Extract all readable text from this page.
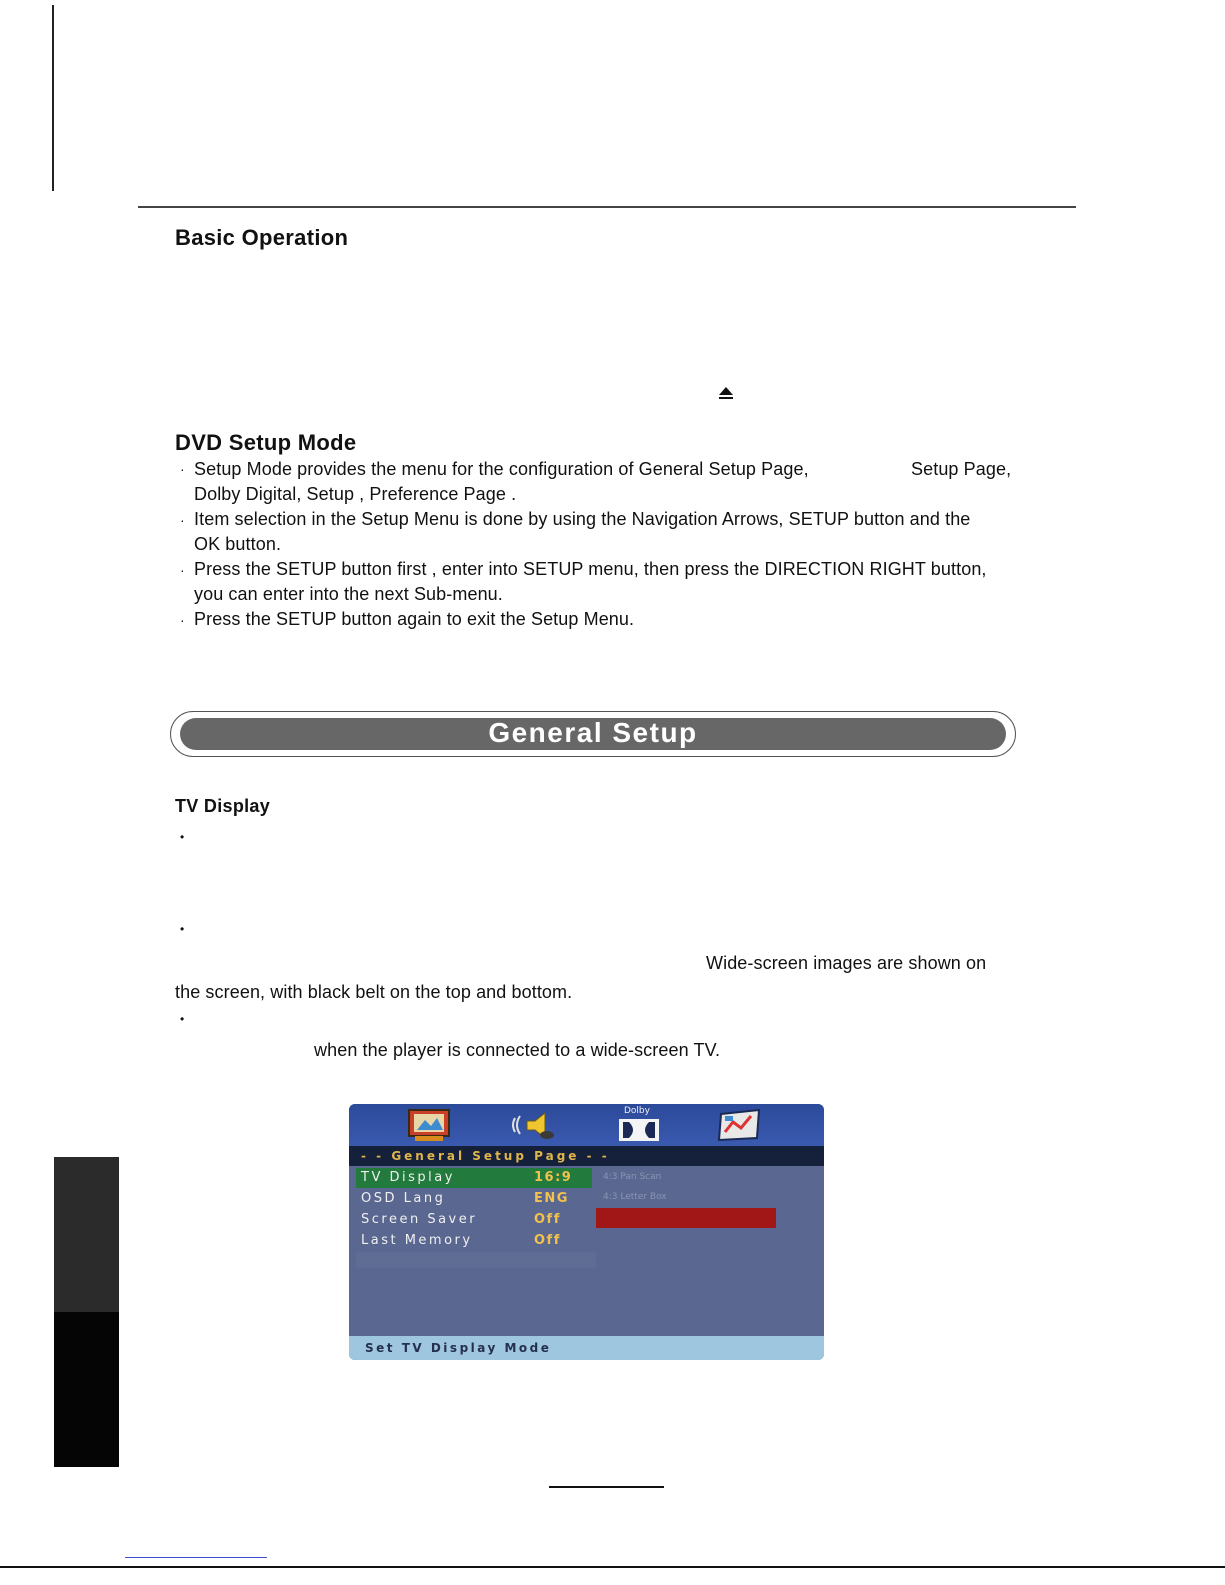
Basic Operation
DVD Setup Mode
· Setup Mode provides the menu for the configuration of General Setup Page,	Setup Page,
Dolby Digital, Setup , Preference Page .
· Item selection in the Setup Menu is done by using the Navigation Arrows, SETUP button and the
OK button.
· Press the SETUP button first , enter into SETUP menu, then press the DIRECTION RIGHT button,
you can enter into the next Sub-menu.
· Press the SETUP button again to exit the Setup Menu.
General Setup
TV Display
•
•
Wide-screen images are shown on
the screen, with black belt on the top and bottom.
•
when the player is connected to a wide-screen TV.
Dolby
- - General Setup Page - -
TV Display	16:9
OSD Lang	ENG
Screen Saver	Off
Last Memory	Off
4:3 Pan Scan
4:3 Letter Box
Set TV Display Mode
